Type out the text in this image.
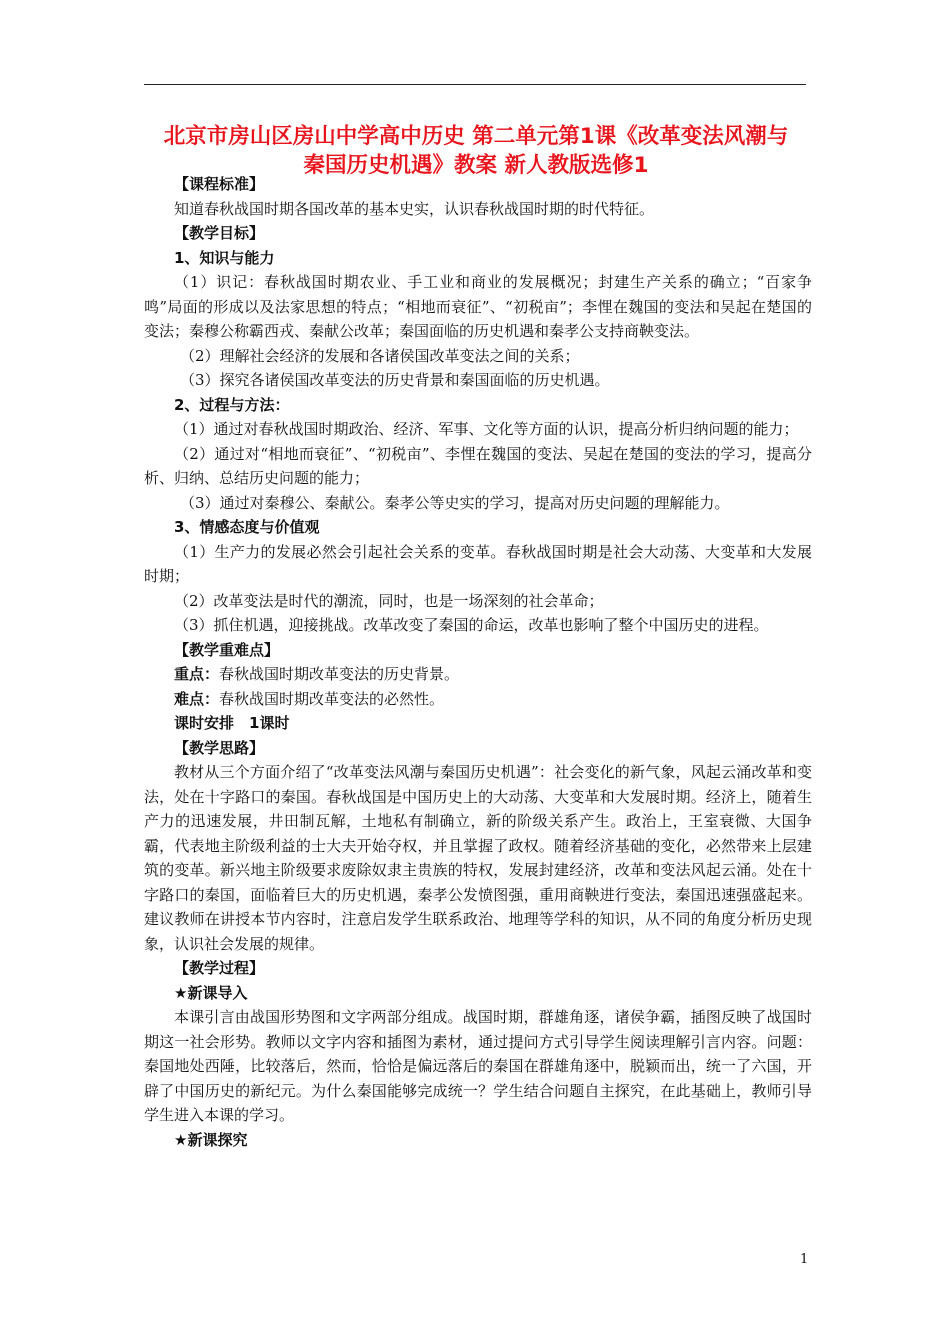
北京市房山区房山中学高中历史 第二单元第1课《改革变法风潮与
秦国历史机遇》教案 新人教版选修1

【课程标准】

知道春秋战国时期各国改革的基本史实，认识春秋战国时期的时代特征。

【教学目标】

1、知识与能力

（1）识记：春秋战国时期农业、手工业和商业的发展概况；封建生产关系的确立；“百家争鸣”局面的形成以及法家思想的特点；“相地而衰征”、“初税亩”；李悝在魏国的变法和吴起在楚国的变法；秦穆公称霸西戎、秦献公改革；秦国面临的历史机遇和秦孝公支持商鞅变法。

（2）理解社会经济的发展和各诸侯国改革变法之间的关系；

（3）探究各诸侯国改革变法的历史背景和秦国面临的历史机遇。

2、过程与方法：

（1）通过对春秋战国时期政治、经济、军事、文化等方面的认识，提高分析归纳问题的能力；

（2）通过对“相地而衰征”、“初税亩”、李悝在魏国的变法、吴起在楚国的变法的学习，提高分析、归纳、总结历史问题的能力；

（3）通过对秦穆公、秦献公。秦孝公等史实的学习，提高对历史问题的理解能力。

3、情感态度与价值观

（1）生产力的发展必然会引起社会关系的变革。春秋战国时期是社会大动荡、大变革和大发展时期；

（2）改革变法是时代的潮流，同时，也是一场深刻的社会革命；

（3）抓住机遇，迎接挑战。改革改变了秦国的命运，改革也影响了整个中国历史的进程。

【教学重难点】

重点：春秋战国时期改革变法的历史背景。

难点：春秋战国时期改革变法的必然性。

课时安排　1课时

【教学思路】

教材从三个方面介绍了“改革变法风潮与秦国历史机遇”：社会变化的新气象，风起云涌改革和变法，处在十字路口的秦国。春秋战国是中国历史上的大动荡、大变革和大发展时期。经济上，随着生产力的迅速发展，井田制瓦解，土地私有制确立，新的阶级关系产生。政治上，王室衰微、大国争霸，代表地主阶级利益的士大夫开始夺权，并且掌握了政权。随着经济基础的变化，必然带来上层建筑的变革。新兴地主阶级要求废除奴隶主贵族的特权，发展封建经济，改革和变法风起云涌。处在十字路口的秦国，面临着巨大的历史机遇，秦孝公发愤图强，重用商鞅进行变法，秦国迅速强盛起来。建议教师在讲授本节内容时，注意启发学生联系政治、地理等学科的知识，从不同的角度分析历史现象，认识社会发展的规律。

【教学过程】

★新课导入

本课引言由战国形势图和文字两部分组成。战国时期，群雄角逐，诸侯争霸，插图反映了战国时期这一社会形势。教师以文字内容和插图为素材，通过提问方式引导学生阅读理解引言内容。问题：秦国地处西陲，比较落后，然而，恰恰是偏远落后的秦国在群雄角逐中，脱颖而出，统一了六国，开辟了中国历史的新纪元。为什么秦国能够完成统一？学生结合问题自主探究，在此基础上，教师引导学生进入本课的学习。

★新课探究

1
